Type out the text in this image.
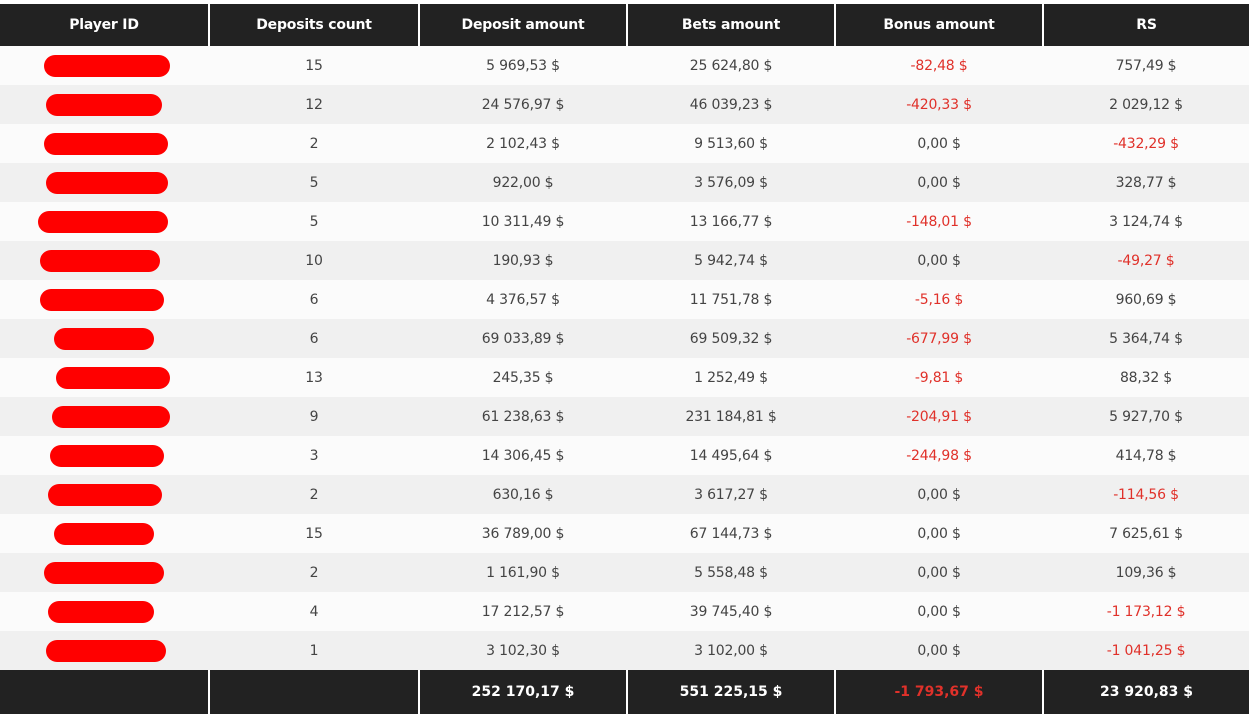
Player ID	Deposits count	Deposit amount	Bets amount	Bonus amount	RS
	15	5 969,53 $	25 624,80 $	-82,48 $	757,49 $
	12	24 576,97 $	46 039,23 $	-420,33 $	2 029,12 $
	2	2 102,43 $	9 513,60 $	0,00 $	-432,29 $
	5	922,00 $	3 576,09 $	0,00 $	328,77 $
	5	10 311,49 $	13 166,77 $	-148,01 $	3 124,74 $
	10	190,93 $	5 942,74 $	0,00 $	-49,27 $
	6	4 376,57 $	11 751,78 $	-5,16 $	960,69 $
	6	69 033,89 $	69 509,32 $	-677,99 $	5 364,74 $
	13	245,35 $	1 252,49 $	-9,81 $	88,32 $
	9	61 238,63 $	231 184,81 $	-204,91 $	5 927,70 $
	3	14 306,45 $	14 495,64 $	-244,98 $	414,78 $
	2	630,16 $	3 617,27 $	0,00 $	-114,56 $
	15	36 789,00 $	67 144,73 $	0,00 $	7 625,61 $
	2	1 161,90 $	5 558,48 $	0,00 $	109,36 $
	4	17 212,57 $	39 745,40 $	0,00 $	-1 173,12 $
	1	3 102,30 $	3 102,00 $	0,00 $	-1 041,25 $
		252 170,17 $	551 225,15 $	-1 793,67 $	23 920,83 $
